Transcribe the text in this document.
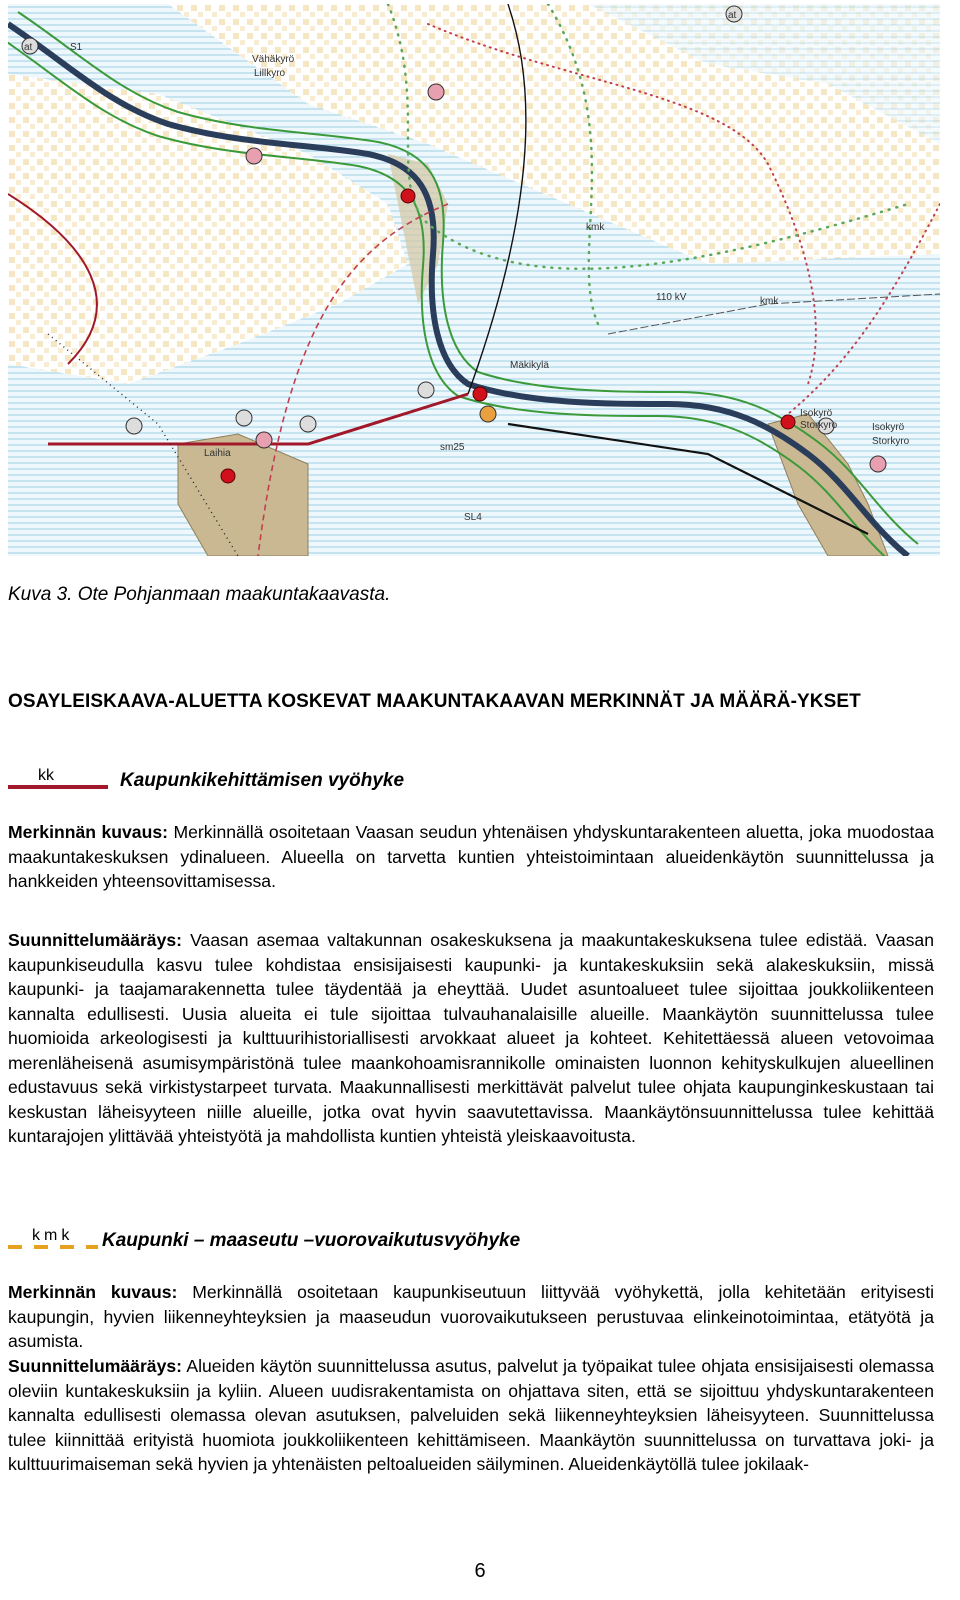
Vähäkyrö
Lillkyro
Isokyrö
Storkyro	Isokyrö
Storkyro
Laihia
Mäkikylä
110 kV	kmk
kmk
sm25
SL4
S1
at
at
Kuva 3. Ote Pohjanmaan maakuntakaavasta.
OSAYLEISKAAVA-ALUETTA KOSKEVAT MAAKUNTAKAAVAN MERKINNÄT JA MÄÄRÄ-YKSET
kk	Kaupunkikehittämisen vyöhyke
Merkinnän kuvaus: Merkinnällä osoitetaan Vaasan seudun yhtenäisen yhdyskuntarakenteen aluetta, joka muodostaa maakuntakeskuksen ydinalueen. Alueella on tarvetta kuntien yhteistoimintaan alueidenkäytön suunnittelussa ja hankkeiden yhteensovittamisessa.
Suunnittelumääräys: Vaasan asemaa valtakunnan osakeskuksena ja maakuntakeskuksena tulee edistää. Vaasan kaupunkiseudulla kasvu tulee kohdistaa ensisijaisesti kaupunki- ja kuntakeskuksiin sekä alakeskuksiin, missä kaupunki- ja taajamarakennetta tulee täydentää ja eheyttää. Uudet asuntoalueet tulee sijoittaa joukkoliikenteen kannalta edullisesti. Uusia alueita ei tule sijoittaa tulvauhanalaisille alueille. Maankäytön suunnittelussa tulee huomioida arkeologisesti ja kulttuurihistoriallisesti arvokkaat alueet ja kohteet. Kehitettäessä alueen vetovoimaa merenläheisenä asumisympäristönä tulee maankohoamisrannikolle ominaisten luonnon kehityskulkujen alueellinen edustavuus sekä virkistystarpeet turvata. Maakunnallisesti merkittävät palvelut tulee ohjata kaupunginkeskustaan tai keskustan läheisyyteen niille alueille, jotka ovat hyvin saavutettavissa. Maankäytönsuunnittelussa tulee kehittää kuntarajojen ylittävää yhteistyötä ja mahdollista kuntien yhteistä yleiskaavoitusta.
kmk Kaupunki – maaseutu –vuorovaikutusvyöhyke
Merkinnän kuvaus: Merkinnällä osoitetaan kaupunkiseutuun liittyvää vyöhykettä, jolla kehitetään erityisesti kaupungin, hyvien liikenneyhteyksien ja maaseudun vuorovaikutukseen perustuvaa elinkeinotoimintaa, etätyötä ja asumista.
Suunnittelumääräys: Alueiden käytön suunnittelussa asutus, palvelut ja työpaikat tulee ohjata ensisijaisesti olemassa oleviin kuntakeskuksiin ja kyliin. Alueen uudisrakentamista on ohjattava siten, että se sijoittuu yhdyskuntarakenteen kannalta edullisesti olemassa olevan asutuksen, palveluiden sekä liikenneyhteyksien läheisyyteen. Suunnittelussa tulee kiinnittää erityistä huomiota joukkoliikenteen kehittämiseen. Maankäytön suunnittelussa on turvattava joki- ja kulttuurimaiseman sekä hyvien ja yhtenäisten peltoalueiden säilyminen. Alueidenkäytöllä tulee jokilaak-
6
